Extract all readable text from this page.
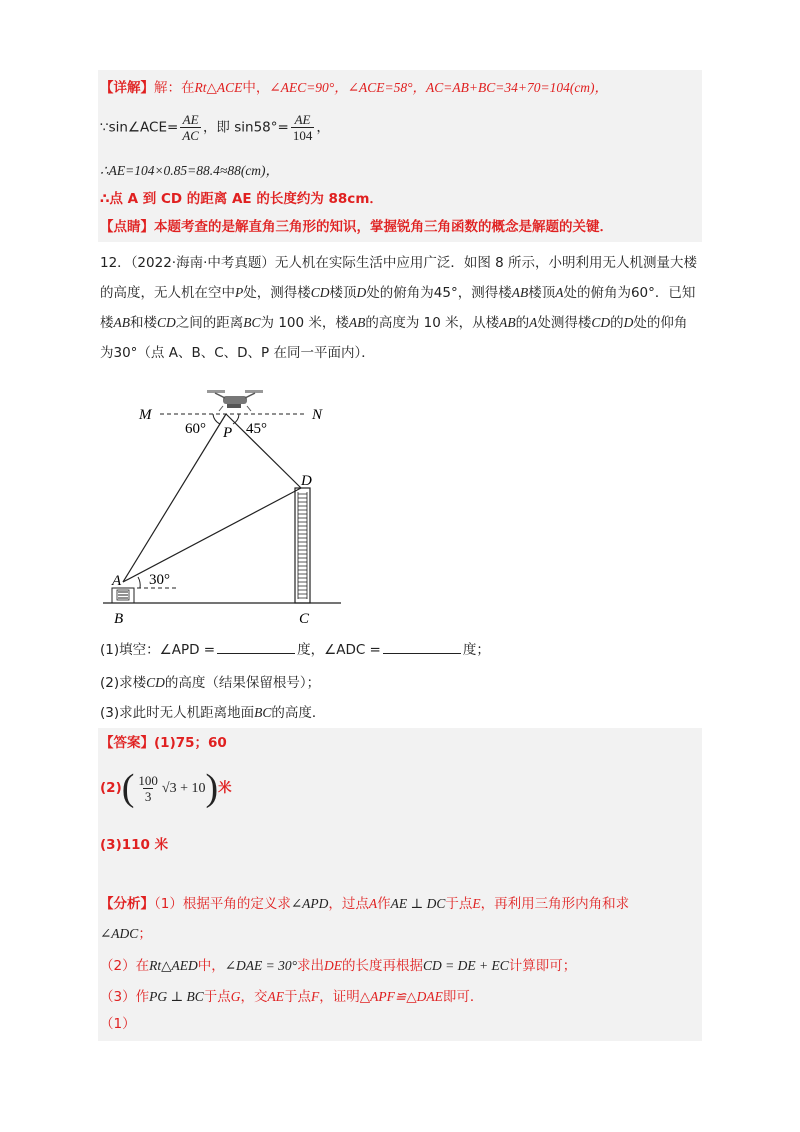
【详解】解：在Rt△ACE中，∠AEC=90°，∠ACE=58°，AC=AB+BC=34+70=104(cm)，
∵sin∠ACE= $\frac{AE}{AC}$ ，即 $\sin 58^\circ= \frac{AE}{104}$ ，
∴AE=104×0.85=88.4≈88(cm)，
∴点 A 到 CD 的距离 AE 的长度约为 88cm．
【点睛】本题考查的是解直角三角形的知识，掌握锐角三角函数的概念是解题的关键．
12．（2022·海南·中考真题）无人机在实际生活中应用广泛．如图 8 所示，小明利用无人机测量大楼的高度，无人机在空中P处，测得楼CD楼顶D处的俯角为45°，测得楼AB楼顶A处的俯角为60°．已知楼AB和楼CD之间的距离BC为 100 米，楼AB的高度为 10 米，从楼AB的A处测得楼CD的D处的仰角为30°（点 A、B、C、D、P 在同一平面内）．
M	N
P
60°	45°
30°
D
A
B	C
(1)填空：∠APD =	度，∠ADC =	度；
(2)求楼CD的高度（结果保留根号）；
(3)求此时无人机距离地面BC的高度．
【答案】(1)75；60
$(2)( \frac{100}{3} √3 + 10)$米
(3)110 米
【分析】（1）根据平角的定义求∠APD，过点A作AE ⊥ DC于点E，再利用三角形内角和求
∠ADC；
（2）在Rt△AED中，∠DAE = 30°求出DE的长度再根据CD = DE + EC计算即可；
（3）作PG ⊥ BC于点G，交AE于点F，证明△APF≌△DAE即可．
（1）
